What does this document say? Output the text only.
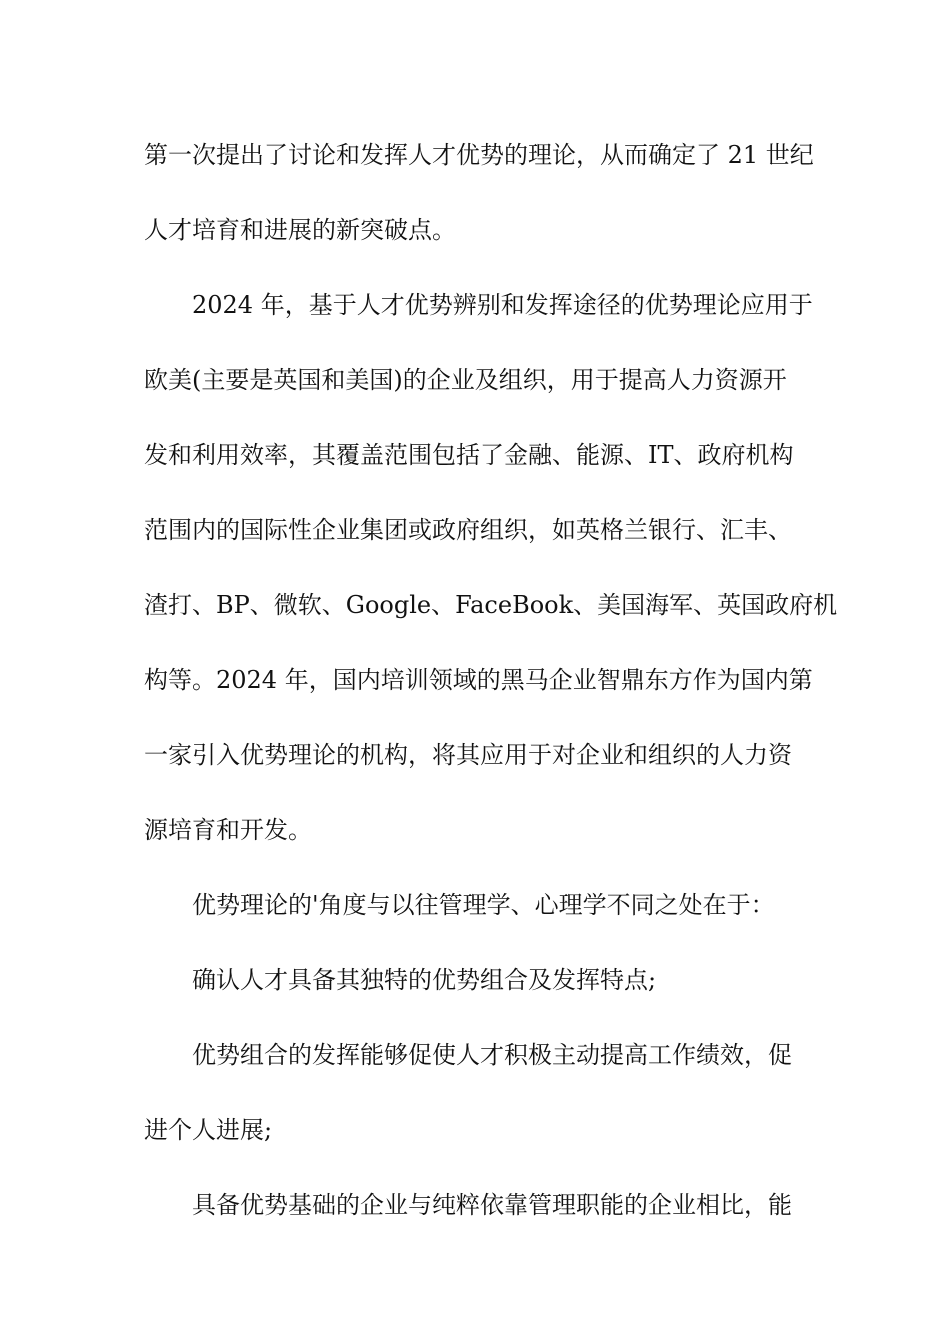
第一次提出了讨论和发挥人才优势的理论，从而确定了 21 世纪
人才培育和进展的新突破点。
2024 年，基于人才优势辨别和发挥途径的优势理论应用于
欧美(主要是英国和美国)的企业及组织，用于提高人力资源开
发和利用效率，其覆盖范围包括了金融、能源、IT、政府机构
范围内的国际性企业集团或政府组织，如英格兰银行、汇丰、
渣打、BP、微软、Google、FaceBook、美国海军、英国政府机
构等。2024 年，国内培训领域的黑马企业智鼎东方作为国内第
一家引入优势理论的机构，将其应用于对企业和组织的人力资
源培育和开发。
优势理论的'角度与以往管理学、心理学不同之处在于：
确认人才具备其独特的优势组合及发挥特点;
优势组合的发挥能够促使人才积极主动提高工作绩效，促
进个人进展;
具备优势基础的企业与纯粹依靠管理职能的企业相比，能
